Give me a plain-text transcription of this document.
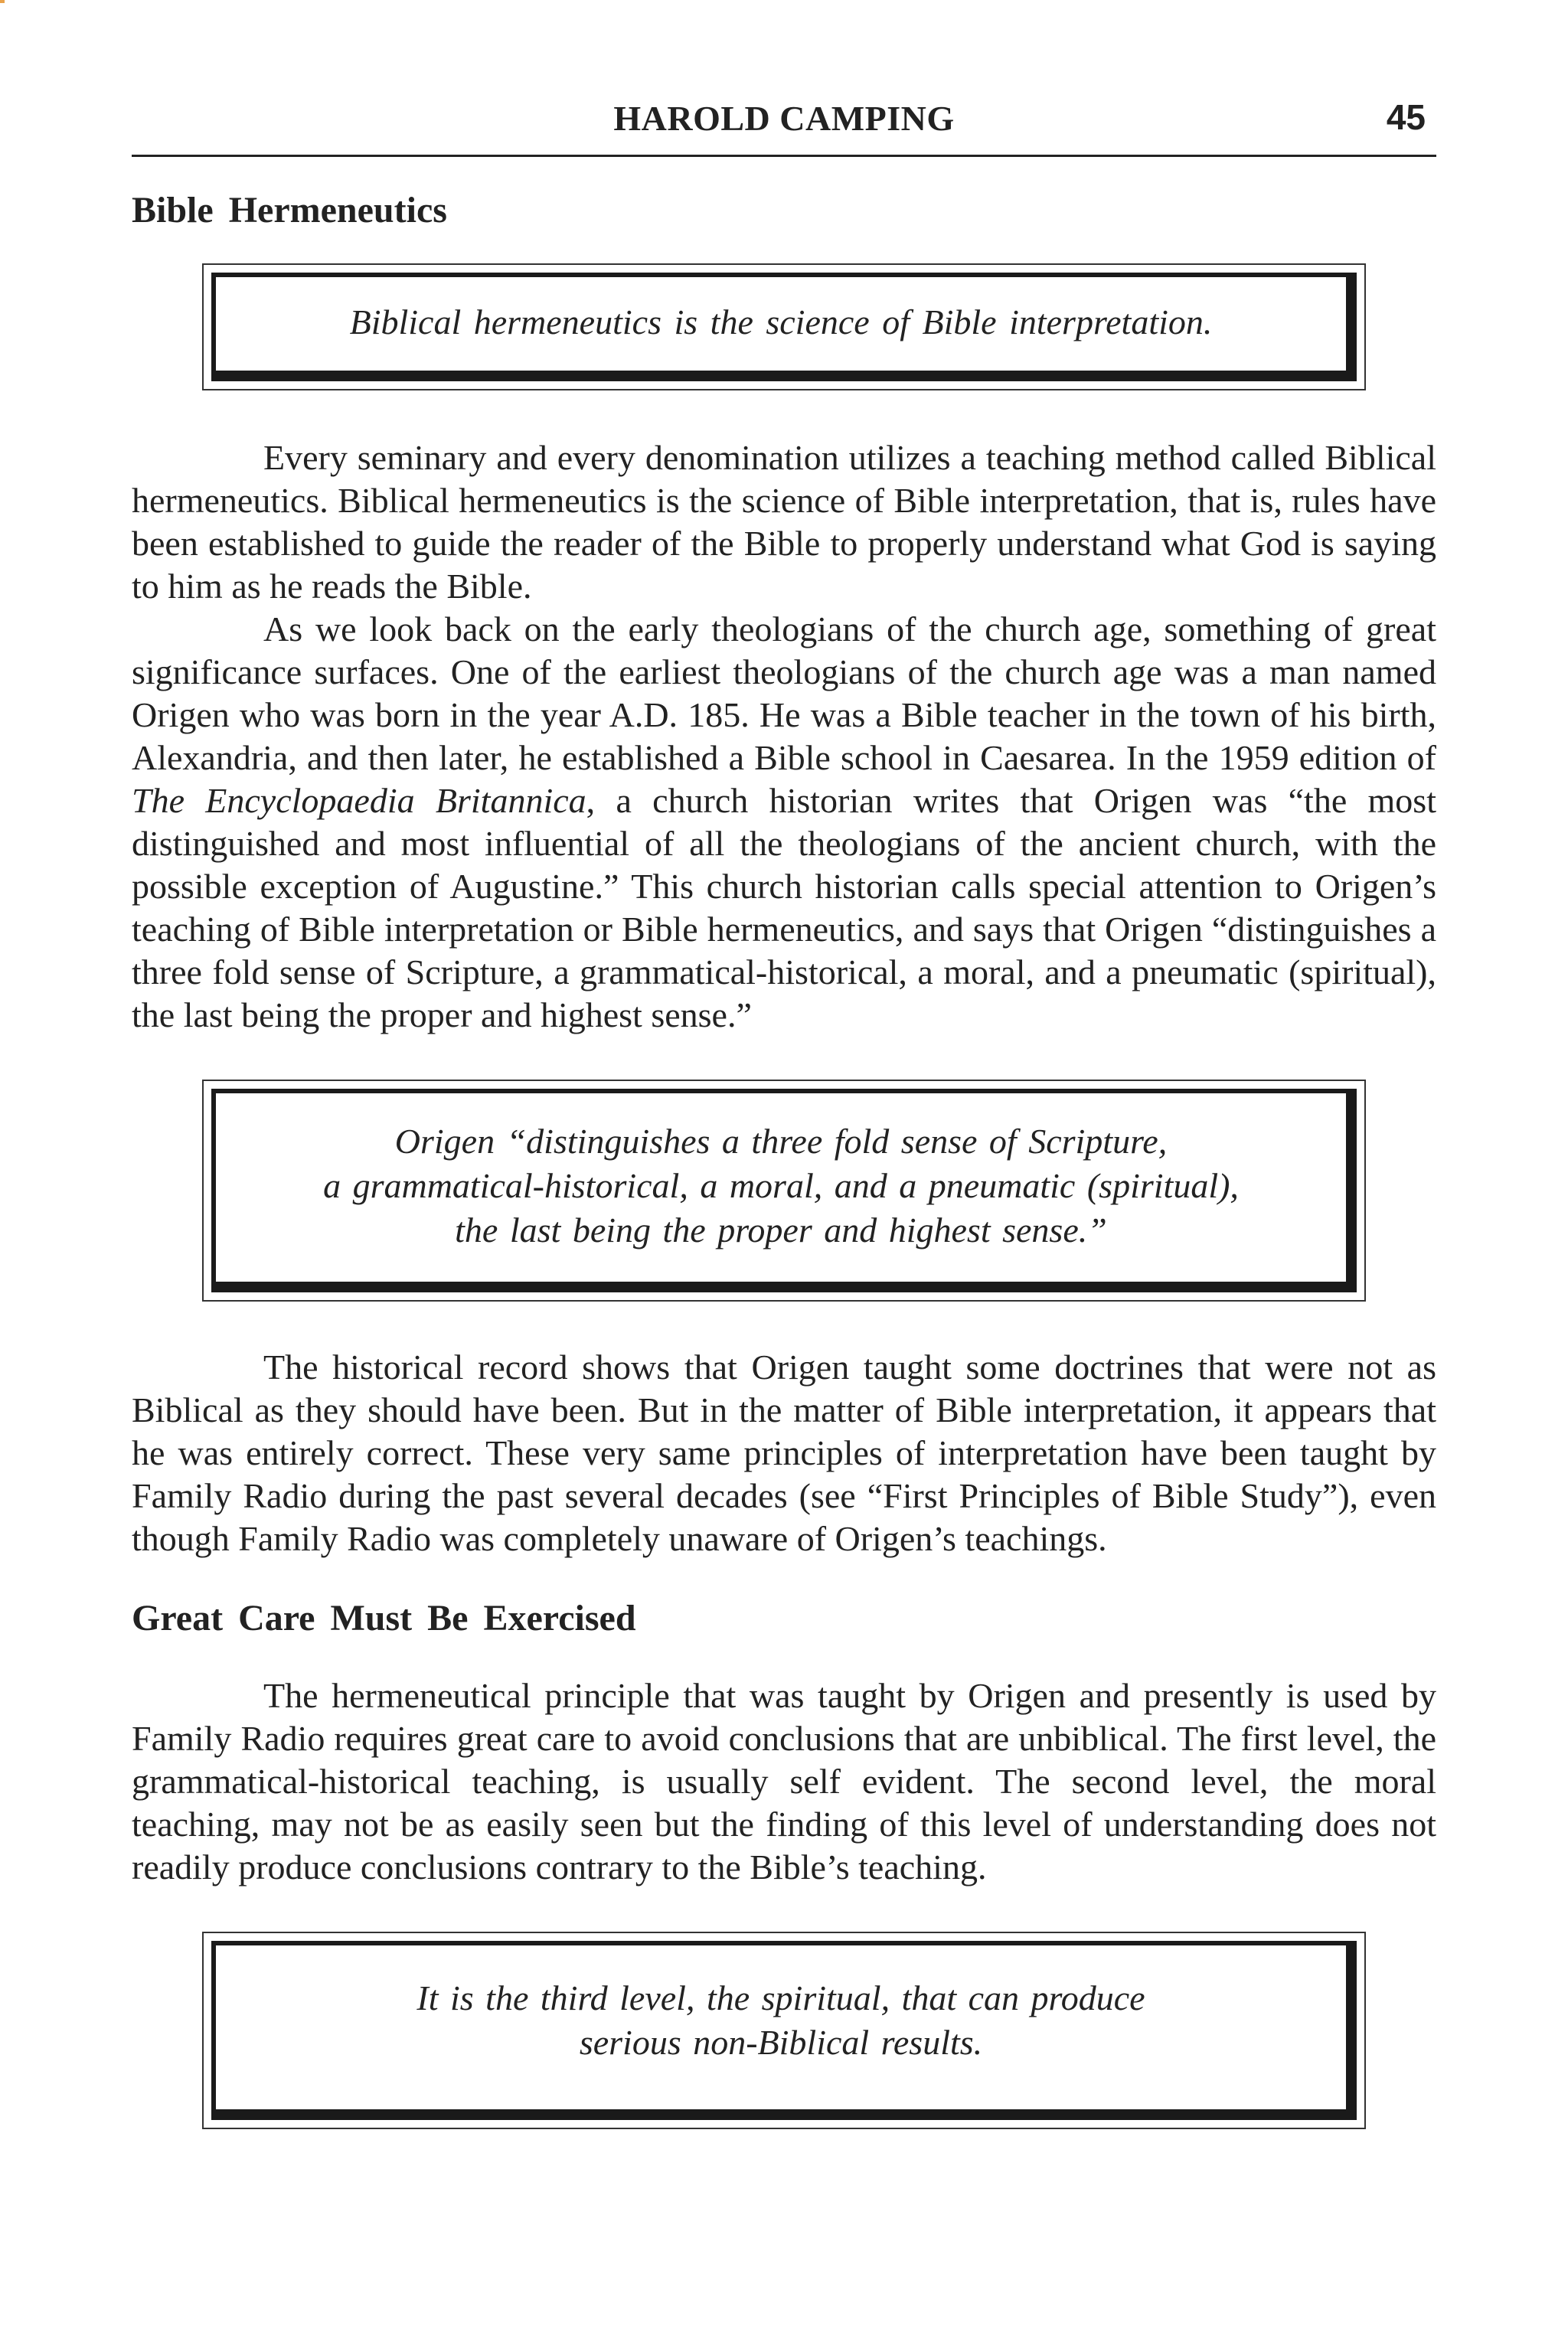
HAROLD CAMPING	45
Bible Hermeneutics
Biblical hermeneutics is the science of Bible interpretation.

Every seminary and every denomination utilizes a teaching method called Biblical hermeneutics. Biblical hermeneutics is the science of Bible interpretation, that is, rules have been established to guide the reader of the Bible to properly understand what God is saying to him as he reads the Bible.

As we look back on the early theologians of the church age, something of great significance surfaces. One of the earliest theologians of the church age was a man named Origen who was born in the year A.D. 185. He was a Bible teacher in the town of his birth, Alexandria, and then later, he established a Bible school in Caesarea. In the 1959 edition of The Encyclopaedia Britannica, a church historian writes that Origen was “the most distinguished and most influential of all the theologians of the ancient church, with the possible exception of Augustine.” This church historian calls special attention to Origen’s teaching of Bible interpretation or Bible hermeneutics, and says that Origen “distinguishes a three fold sense of Scripture, a grammatical-historical, a moral, and a pneumatic (spiritual), the last being the proper and highest sense.”

Origen “distinguishes a three fold sense of Scripture,
a grammatical-historical, a moral, and a pneumatic (spiritual),
the last being the proper and highest sense.”

The historical record shows that Origen taught some doctrines that were not as Biblical as they should have been. But in the matter of Bible interpretation, it appears that he was entirely correct. These very same principles of interpretation have been taught by Family Radio during the past several decades (see “First Principles of Bible Study”), even though Family Radio was completely unaware of Origen’s teachings.

Great Care Must Be Exercised

The hermeneutical principle that was taught by Origen and presently is used by Family Radio requires great care to avoid conclusions that are unbiblical. The first level, the grammatical-historical teaching, is usually self evident. The second level, the moral teaching, may not be as easily seen but the finding of this level of understanding does not readily produce conclusions contrary to the Bible’s teaching.

It is the third level, the spiritual, that can produce
serious non-Biblical results.
